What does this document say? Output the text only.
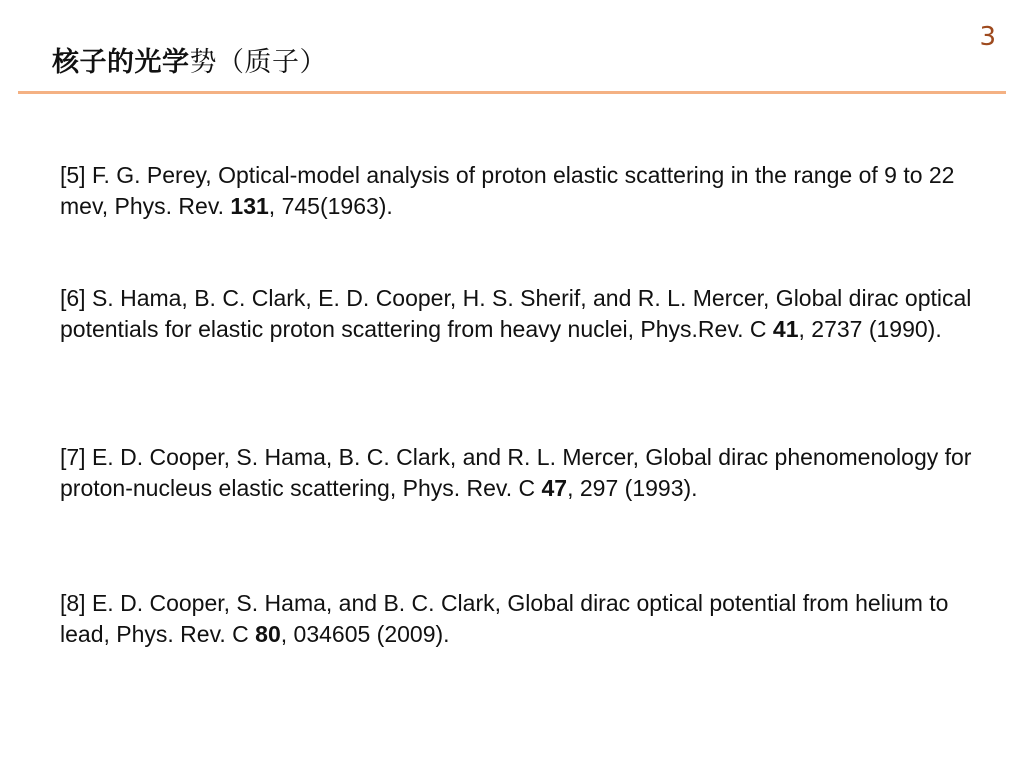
核子的光学势（质子）
3
[5] F. G. Perey, Optical-model analysis of proton elastic scattering in the range of 9 to 22 mev, Phys. Rev. 131, 745(1963).
[6] S. Hama, B. C. Clark, E. D. Cooper, H. S. Sherif, and R. L. Mercer, Global dirac optical potentials for elastic proton scattering from heavy nuclei, Phys.Rev. C 41, 2737 (1990).
[7] E. D. Cooper, S. Hama, B. C. Clark, and R. L. Mercer, Global dirac phenomenology for proton-nucleus elastic scattering, Phys. Rev. C 47, 297 (1993).
[8] E. D. Cooper, S. Hama, and B. C. Clark, Global dirac optical potential from helium to lead, Phys. Rev. C 80, 034605 (2009).
